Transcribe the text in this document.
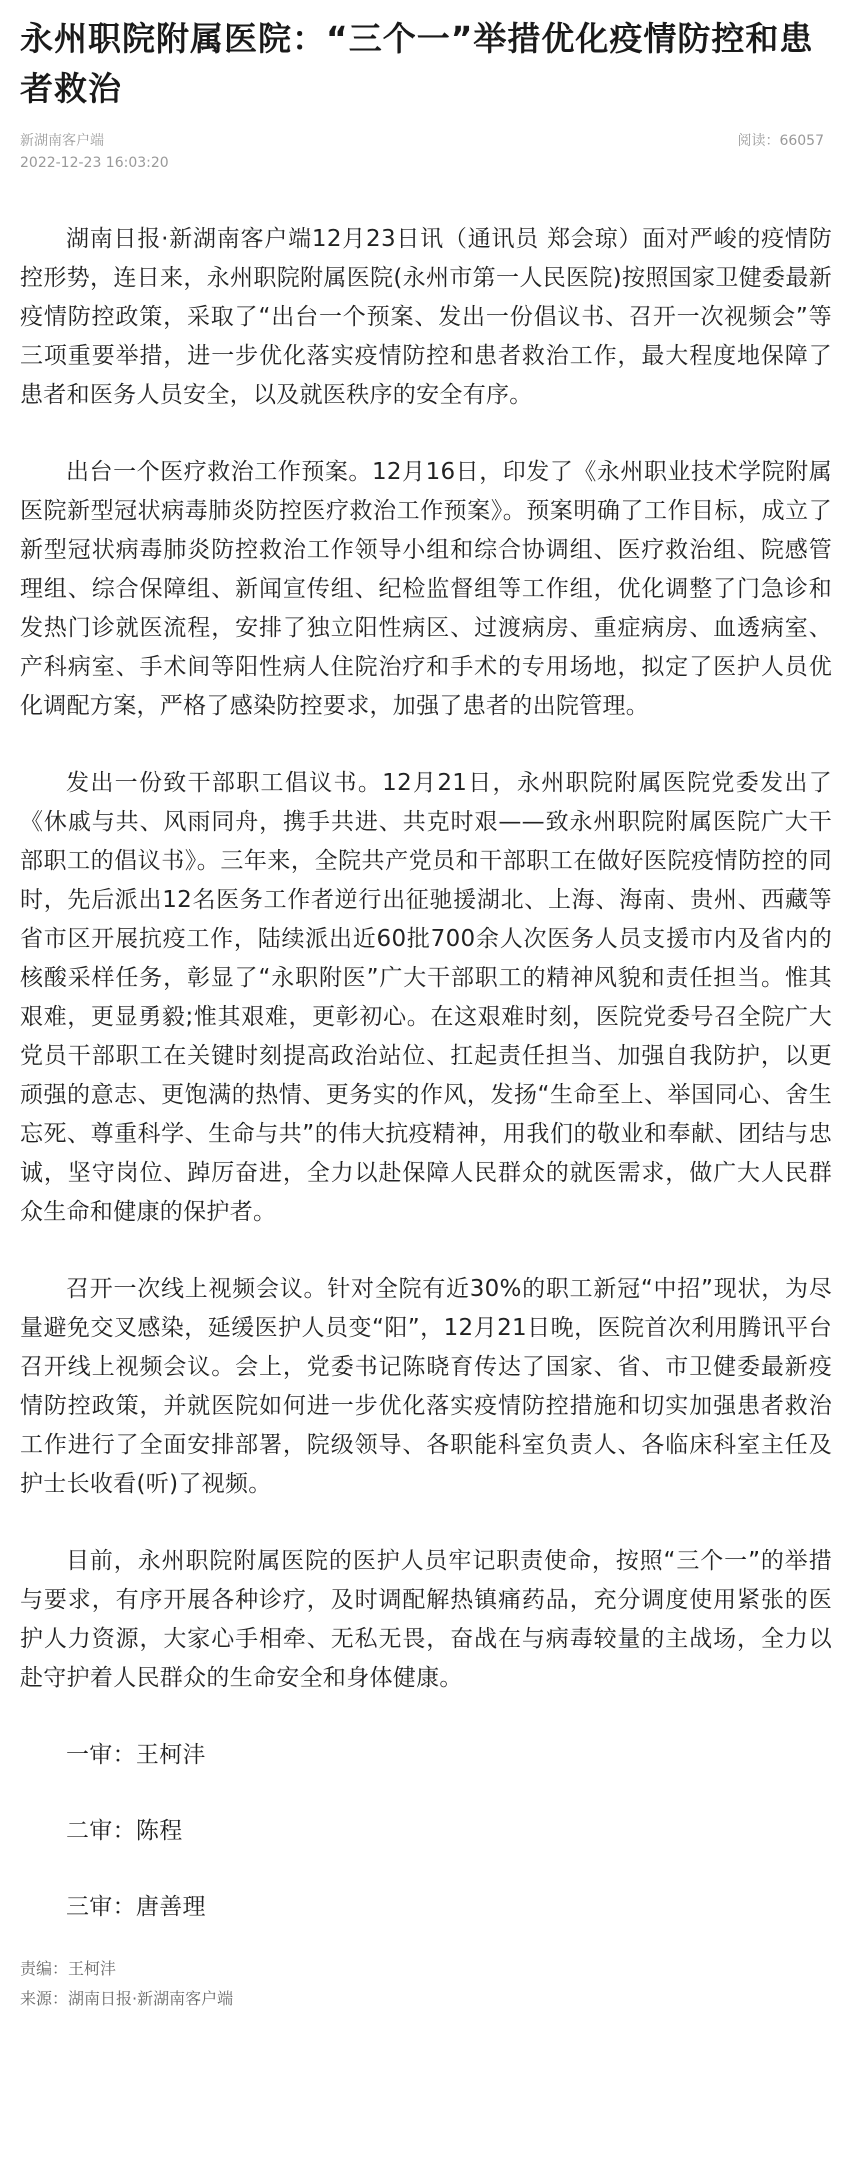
永州职院附属医院：“三个一”举措优化疫情防控和患者救治
新湖南客户端
2022-12-23 16:03:20
阅读：66057

湖南日报·新湖南客户端12月23日讯（通讯员 郑会琼）面对严峻的疫情防控形势，连日来，永州职院附属医院(永州市第一人民医院)按照国家卫健委最新疫情防控政策，采取了“出台一个预案、发出一份倡议书、召开一次视频会”等三项重要举措，进一步优化落实疫情防控和患者救治工作，最大程度地保障了患者和医务人员安全，以及就医秩序的安全有序。

出台一个医疗救治工作预案。12月16日，印发了《永州职业技术学院附属医院新型冠状病毒肺炎防控医疗救治工作预案》。预案明确了工作目标，成立了新型冠状病毒肺炎防控救治工作领导小组和综合协调组、医疗救治组、院感管理组、综合保障组、新闻宣传组、纪检监督组等工作组，优化调整了门急诊和发热门诊就医流程，安排了独立阳性病区、过渡病房、重症病房、血透病室、产科病室、手术间等阳性病人住院治疗和手术的专用场地，拟定了医护人员优化调配方案，严格了感染防控要求，加强了患者的出院管理。

发出一份致干部职工倡议书。12月21日，永州职院附属医院党委发出了《休戚与共、风雨同舟，携手共进、共克时艰——致永州职院附属医院广大干部职工的倡议书》。三年来，全院共产党员和干部职工在做好医院疫情防控的同时，先后派出12名医务工作者逆行出征驰援湖北、上海、海南、贵州、西藏等省市区开展抗疫工作，陆续派出近60批700余人次医务人员支援市内及省内的核酸采样任务，彰显了“永职附医”广大干部职工的精神风貌和责任担当。惟其艰难，更显勇毅;惟其艰难，更彰初心。在这艰难时刻，医院党委号召全院广大党员干部职工在关键时刻提高政治站位、扛起责任担当、加强自我防护，以更顽强的意志、更饱满的热情、更务实的作风，发扬“生命至上、举国同心、舍生忘死、尊重科学、生命与共”的伟大抗疫精神，用我们的敬业和奉献、团结与忠诚，坚守岗位、踔厉奋进，全力以赴保障人民群众的就医需求，做广大人民群众生命和健康的保护者。

召开一次线上视频会议。针对全院有近30%的职工新冠“中招”现状，为尽量避免交叉感染，延缓医护人员变“阳”，12月21日晚，医院首次利用腾讯平台召开线上视频会议。会上，党委书记陈晓育传达了国家、省、市卫健委最新疫情防控政策，并就医院如何进一步优化落实疫情防控措施和切实加强患者救治工作进行了全面安排部署，院级领导、各职能科室负责人、各临床科室主任及护士长收看(听)了视频。

目前，永州职院附属医院的医护人员牢记职责使命，按照“三个一”的举措与要求，有序开展各种诊疗，及时调配解热镇痛药品，充分调度使用紧张的医护人力资源，大家心手相牵、无私无畏，奋战在与病毒较量的主战场，全力以赴守护着人民群众的生命安全和身体健康。

一审：王柯沣

二审：陈程

三审：唐善理

责编：王柯沣
来源：湖南日报·新湖南客户端
